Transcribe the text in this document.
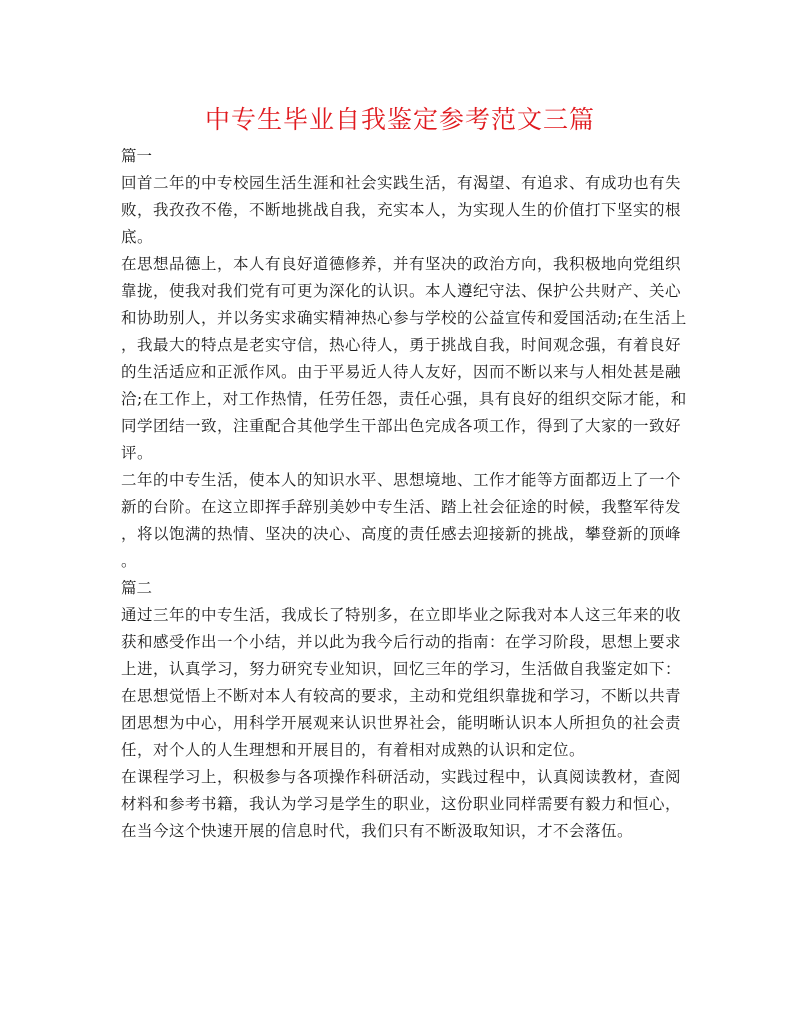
中专生毕业自我鉴定参考范文三篇
篇一
回首二年的中专校园生活生涯和社会实践生活，有渴望、有追求、有成功也有失
败，我孜孜不倦，不断地挑战自我，充实本人，为实现人生的价值打下坚实的根
底。
在思想品德上，本人有良好道德修养，并有坚决的政治方向，我积极地向党组织
靠拢，使我对我们党有可更为深化的认识。本人遵纪守法、保护公共财产、关心
和协助别人，并以务实求确实精神热心参与学校的公益宣传和爱国活动;在生活上
，我最大的特点是老实守信，热心待人，勇于挑战自我，时间观念强，有着良好
的生活适应和正派作风。由于平易近人待人友好，因而不断以来与人相处甚是融
洽;在工作上，对工作热情，任劳任怨，责任心强，具有良好的组织交际才能，和
同学团结一致，注重配合其他学生干部出色完成各项工作，得到了大家的一致好
评。
二年的中专生活，使本人的知识水平、思想境地、工作才能等方面都迈上了一个
新的台阶。在这立即挥手辞别美妙中专生活、踏上社会征途的时候，我整军待发
，将以饱满的热情、坚决的决心、高度的责任感去迎接新的挑战，攀登新的顶峰
。
篇二
通过三年的中专生活，我成长了特别多，在立即毕业之际我对本人这三年来的收
获和感受作出一个小结，并以此为我今后行动的指南：在学习阶段，思想上要求
上进，认真学习，努力研究专业知识，回忆三年的学习，生活做自我鉴定如下：
在思想觉悟上不断对本人有较高的要求，主动和党组织靠拢和学习，不断以共青
团思想为中心，用科学开展观来认识世界社会，能明晰认识本人所担负的社会责
任，对个人的人生理想和开展目的，有着相对成熟的认识和定位。
在课程学习上，积极参与各项操作科研活动，实践过程中，认真阅读教材，查阅
材料和参考书籍，我认为学习是学生的职业，这份职业同样需要有毅力和恒心，
在当今这个快速开展的信息时代，我们只有不断汲取知识，才不会落伍。
